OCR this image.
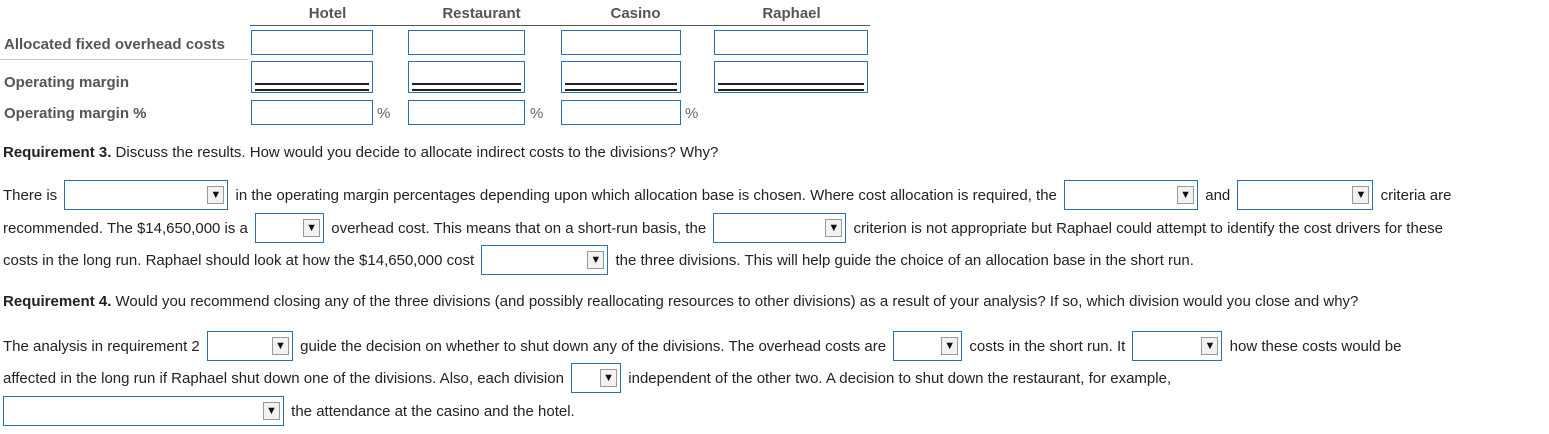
Hotel	Restaurant	Casino	Raphael
Allocated fixed overhead costs
Operating margin
Operating margin %	%	%	%
Requirement 3. Discuss the results. How would you decide to allocate indirect costs to the divisions? Why?
There is	▼ in the operating margin percentages depending upon which allocation base is chosen. Where cost allocation is required, the	▼ and	▼ criteria are
recommended. The $14,650,000 is a	▼ overhead cost. This means that on a short-run basis, the	▼ criterion is not appropriate but Raphael could attempt to identify the cost drivers for these
costs in the long run. Raphael should look at how the $14,650,000 cost	▼ the three divisions. This will help guide the choice of an allocation base in the short run.
Requirement 4. Would you recommend closing any of the three divisions (and possibly reallocating resources to other divisions) as a result of your analysis? If so, which division would you close and why?
The analysis in requirement 2	▼ guide the decision on whether to shut down any of the divisions. The overhead costs are	▼ costs in the short run. It	▼ how these costs would be
affected in the long run if Raphael shut down one of the divisions. Also, each division	▼ independent of the other two. A decision to shut down the restaurant, for example,
▼ the attendance at the casino and the hotel.
